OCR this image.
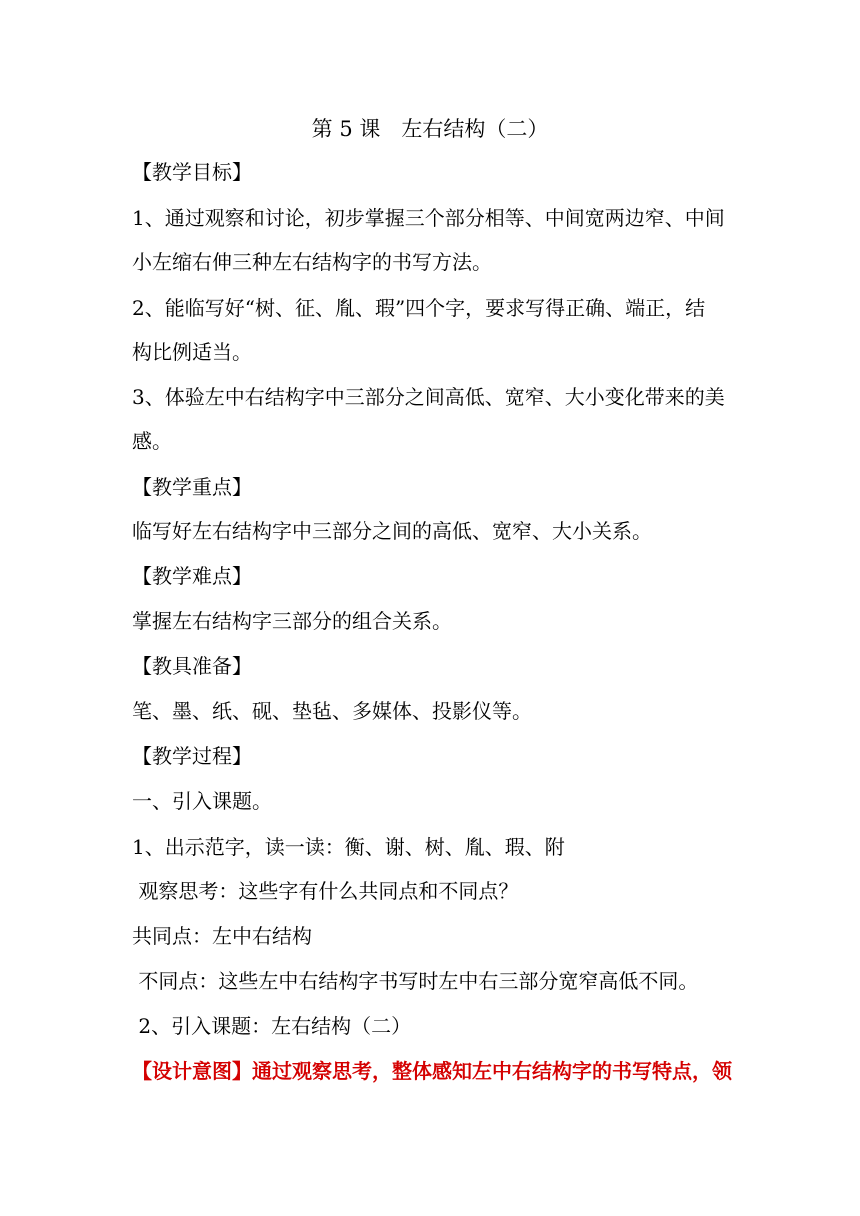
第 5 课　左右结构（二）

【教学目标】

1、通过观察和讨论，初步掌握三个部分相等、中间宽两边窄、中间

小左缩右伸三种左右结构字的书写方法。

2、能临写好“树、征、胤、瑕”四个字，要求写得正确、端正，结

构比例适当。

3、体验左中右结构字中三部分之间高低、宽窄、大小变化带来的美

感。

【教学重点】

临写好左右结构字中三部分之间的高低、宽窄、大小关系。

【教学难点】

掌握左右结构字三部分的组合关系。

【教具准备】

笔、墨、纸、砚、垫毡、多媒体、投影仪等。

【教学过程】

一、引入课题。

1、出示范字，读一读：衡、谢、树、胤、瑕、附

观察思考：这些字有什么共同点和不同点？

共同点：左中右结构

不同点：这些左中右结构字书写时左中右三部分宽窄高低不同。

2、引入课题：左右结构（二）

【设计意图】通过观察思考，整体感知左中右结构字的书写特点，领
